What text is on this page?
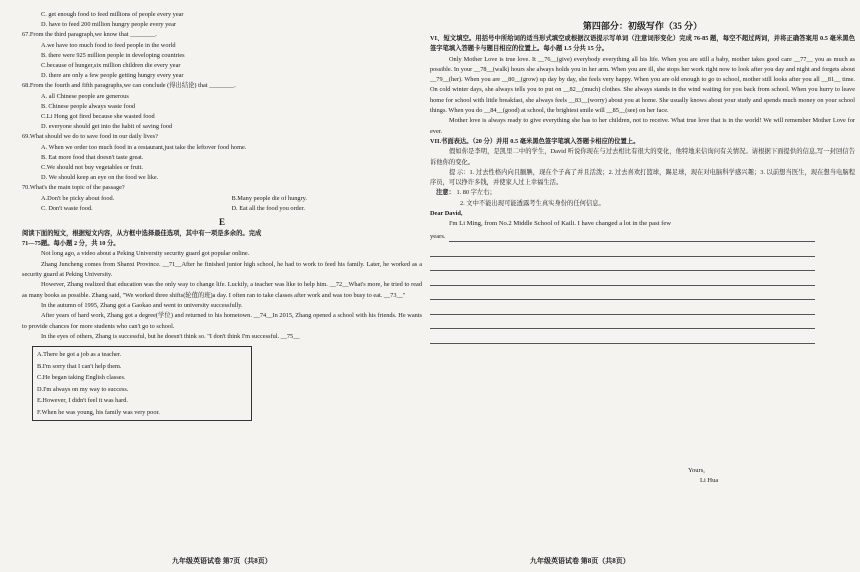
C. get enough food to feed millions of people every year
D. have to feed 200 million hungry people every year
67.From the third paragraph,we know that ________.
A.we have too much food to feed people in the world
B. there were 925 million people in developing countries
C.because of hunger,six million children die every year
D. there are only a few people getting hungry every year
68.From the fourth and fifth paragraphs,we can conclude (得出结论) that ________.
A. all Chinese people are generous
B. Chinese people always waste food
C.Li Hong got fired because she wasted food
D. everyone should get into the habit of saving food
69.What should we do to save food in our daily lives?
A. When we order too much food in a restaurant,just take the leftover food home.
B. Eat more food that doesn't taste great.
C.We should not buy vegetables or fruit.
D. We should keep an eye on the food we like.
70.What's the main topic of the passage?
A.Don't be picky about food.	B.Many people die of hungry.
C. Don't waste food.	D. Eat all the food you order.
E
阅读下面的短文，根据短文内容，从方框中选择最佳选项，其中有一项是多余的。完成
71—75题。每小题 2 分，共 10 分。
Not long ago, a video about a Peking University security guard got popular online.
Zhang Juncheng comes from Shanxi Province. __71__After he finished junior high school, he had to work to feed his family. Later, he worked as a security guard at Peking University.
However, Zhang realized that education was the only way to change life. Luckily, a teacher was like to help him. __72__What's more, he tried to read as many books as possible. Zhang said, "We worked three shifts(轮值的班)a day. I often ran to take classes after work and was too busy to eat. __73__"
In the autumn of 1995, Zhang got a Gaokao and went to university successfully.
After years of hard work, Zhang got a degree(学位) and returned to his hometown. __74__In 2015, Zhang opened a school with his friends. He wants to provide chances for more students who can't go to school.
In the eyes of others, Zhang is successful, but he doesn't think so. "I don't think I'm successful. __75__
A.There he got a job as a teacher.
B.I'm sorry that I can't help them.
C.He began taking English classes.
D.I'm always on my way to success.
E.However, I didn't feel it was hard.
F.When he was young, his family was very poor.
九年级英语试卷 第7页（共8页）
第四部分：初级写作（35 分）
VI、短文填空。用括号中所给词的适当形式填空或根据汉语提示写单词（注意词形变化）完成 76-85 题，每空不超过两词，并将正确答案用 0.5 毫米黑色签字笔填入答题卡与题目相应的位置上。每小题 1.5 分共 15 分。
Only Mother Love is true love. It __76__(give) everybody everything all his life. When you are still a baby, mother takes good care __77__ you as much as possible. In your __78__(walk) hours she always holds you in her arm. When you are ill, she stops her work right now to look after you day and night and forgets about __79__(her). When you are __80__(grow) up day by day, she feels very happy. When you are old enough to go to school, mother still looks after you all __81__ time. On cold winter days, she always tells you to put on __82__(much) clothes. She always stands in the wind waiting for you back from school. When you hurry to leave home for school with little breakfast, she always feels __83__(worry) about you at home. She usually knows about your study and spends much money on your school things. When you do __84__(good) at school, the brightest smile will __85__(see) on her face.
Mother love is always ready to give everything she has to her children, not to receive. What true love that is in the world! We will remember Mother Love for ever.
VII.书面表达。（20 分）并用 0.5 毫米黑色签字笔填入答题卡相应的位置上。
假如你是李明，是凯里二中的学生，David 听说你现在与过去相比有很大的变化，他特地来信询问有关情况。请根据下面提供的信息,写一封回信告诉他你的变化。
提 示：1. 过去性格内向且腼腆，现在个子高了并且活泼；2. 过去喜欢打篮球，踢足球，现在对电脑科学感兴趣；3. 以前想当医生，现在想当电脑程序员，可以挣许多钱，并使家人过上幸福生活。
注意： 1. 80 字左右；
2. 文中不能出现可能透露考生真实身份的任何信息。
Dear David,
I'm Li Ming, from No.2 Middle School of Kaili. I have changed a lot in the past few
years.
Yours,
Li Hua
九年级英语试卷 第8页（共8页）
